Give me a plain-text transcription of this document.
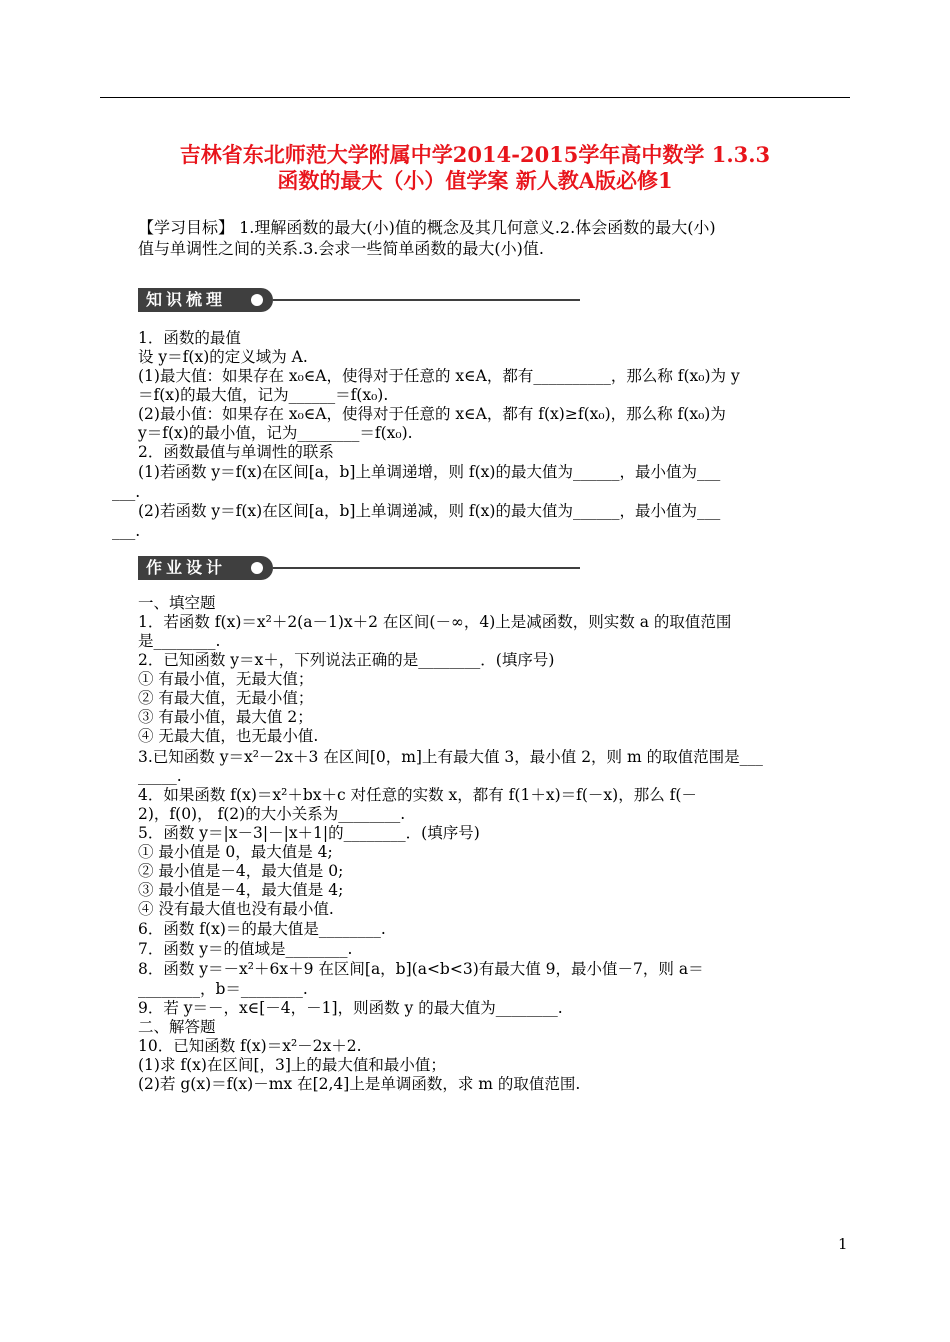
吉林省东北师范大学附属中学2014-2015学年高中数学 1.3.3
函数的最大（小）值学案 新人教A版必修1
【学习目标】 1.理解函数的最大(小)值的概念及其几何意义.2.体会函数的最大(小)
值与单调性之间的关系.3.会求一些简单函数的最大(小)值.
知识梳理
1．函数的最值
设 y＝f(x)的定义域为 A.
(1)最大值：如果存在 x₀∈A，使得对于任意的 x∈A，都有__________，那么称 f(x₀)为 y
＝f(x)的最大值，记为______＝f(x₀).
(2)最小值：如果存在 x₀∈A，使得对于任意的 x∈A，都有 f(x)≥f(x₀)，那么称 f(x₀)为
y＝f(x)的最小值，记为________＝f(x₀).
2．函数最值与单调性的联系
(1)若函数 y＝f(x)在区间[a，b]上单调递增，则 f(x)的最大值为______，最小值为___
___.
(2)若函数 y＝f(x)在区间[a，b]上单调递减，则 f(x)的最大值为______，最小值为___
___.
作业设计
一、填空题
1．若函数 f(x)＝x²＋2(a－1)x＋2 在区间(－∞，4)上是减函数，则实数 a 的取值范围
是________.
2．已知函数 y＝x＋，下列说法正确的是________．(填序号)
① 有最小值，无最大值；
② 有最大值，无最小值；
③ 有最小值，最大值 2；
④ 无最大值，也无最小值.
3.已知函数 y＝x²－2x＋3 在区间[0，m]上有最大值 3，最小值 2，则 m 的取值范围是___
_____.
4．如果函数 f(x)＝x²＋bx＋c 对任意的实数 x，都有 f(1＋x)＝f(－x)，那么 f(－
2)，f(0)， f(2)的大小关系为________.
5．函数 y＝|x－3|－|x＋1|的________．(填序号)
① 最小值是 0，最大值是 4;
② 最小值是－4，最大值是 0;
③ 最小值是－4，最大值是 4;
④ 没有最大值也没有最小值.
6．函数 f(x)＝的最大值是________.
7．函数 y＝的值域是________.
8．函数 y＝－x²＋6x＋9 在区间[a，b](a<b<3)有最大值 9，最小值－7，则 a＝
________，b＝________.
9．若 y＝－，x∈[－4，－1]，则函数 y 的最大值为________.
二、解答题
10．已知函数 f(x)＝x²－2x＋2.
(1)求 f(x)在区间[，3]上的最大值和最小值；
(2)若 g(x)＝f(x)－mx 在[2,4]上是单调函数，求 m 的取值范围.
1
